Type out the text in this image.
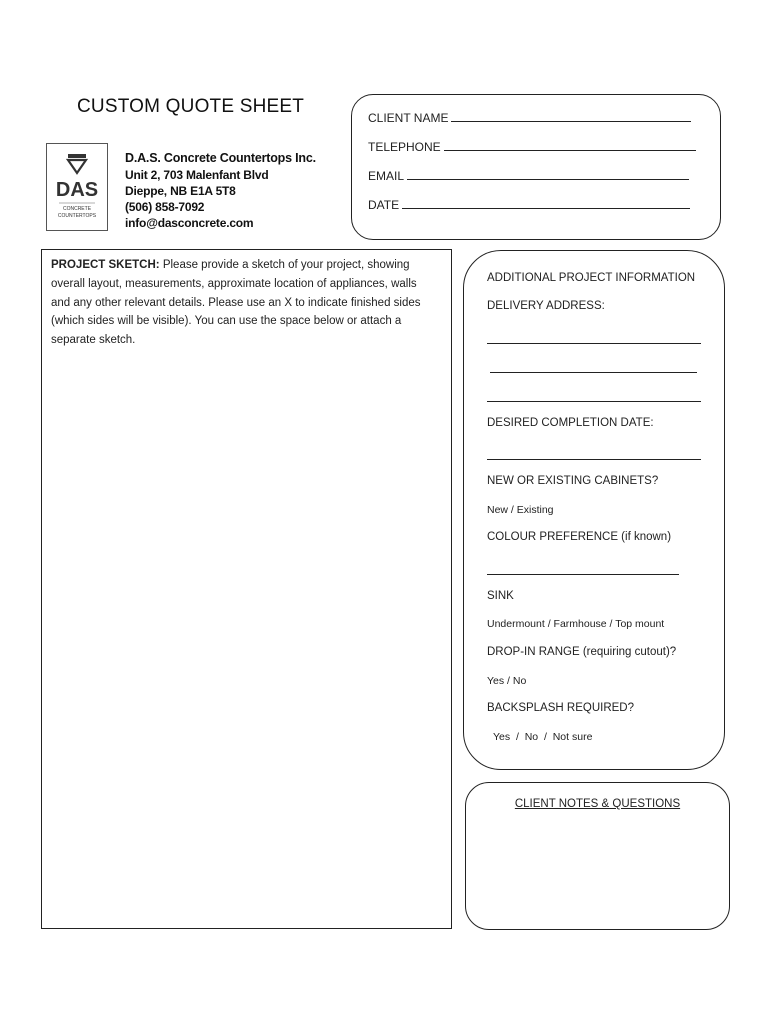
CUSTOM QUOTE SHEET
DAS
CONCRETE
COUNTERTOPS
D.A.S. Concrete Countertops Inc.
Unit 2, 703 Malenfant Blvd
Dieppe, NB E1A 5T8
(506) 858-7092
info@dasconcrete.com
CLIENT NAME
TELEPHONE
EMAIL
DATE
PROJECT SKETCH: Please provide a sketch of your project, showing overall layout, measurements, approximate location of appliances, walls and any other relevant details. Please use an X to indicate finished sides (which sides will be visible). You can use the space below or attach a separate sketch.
ADDITIONAL PROJECT INFORMATION
DELIVERY ADDRESS:
DESIRED COMPLETION DATE:
NEW OR EXISTING CABINETS?
New / Existing
COLOUR PREFERENCE (if known)
SINK
Undermount / Farmhouse / Top mount
DROP-IN RANGE (requiring cutout)?
Yes / No
BACKSPLASH REQUIRED?
Yes  /  No  /  Not sure
CLIENT NOTES & QUESTIONS
